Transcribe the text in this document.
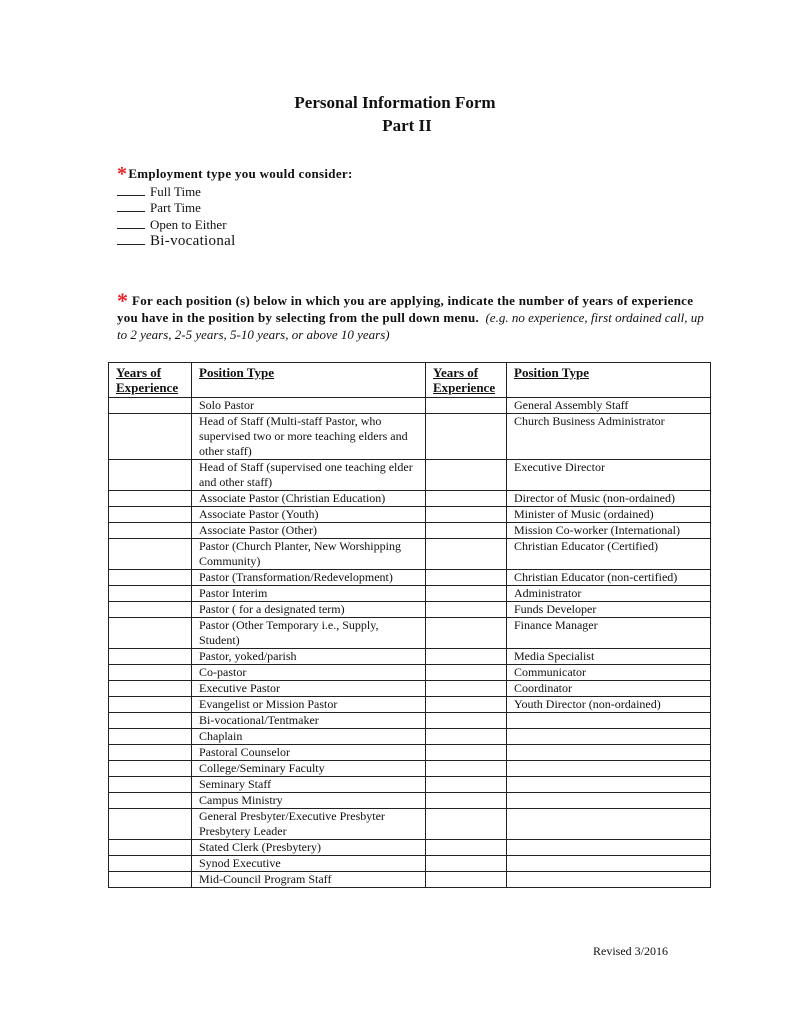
Personal Information Form
Part II
*Employment type you would consider:
Full Time
Part Time
Open to Either
Bi-vocational
* For each position (s) below in which you are applying, indicate the number of years of experience you have in the position by selecting from the pull down menu. (e.g. no experience, first ordained call, up to 2 years, 2-5 years, 5-10 years, or above 10 years)
Years of
Experience	Position Type	Years of
Experience	Position Type
	Solo Pastor		General Assembly Staff
	Head of Staff (Multi-staff Pastor, who supervised two or more teaching elders and other staff)		Church Business Administrator
	Head of Staff (supervised one teaching elder and other staff)		Executive Director
	Associate Pastor (Christian Education)		Director of Music (non-ordained)
	Associate Pastor (Youth)		Minister of Music (ordained)
	Associate Pastor (Other)		Mission Co-worker (International)
	Pastor (Church Planter, New Worshipping Community)		Christian Educator (Certified)
	Pastor (Transformation/Redevelopment)		Christian Educator (non-certified)
	Pastor Interim		Administrator
	Pastor ( for a designated term)		Funds Developer
	Pastor (Other Temporary i.e., Supply, Student)		Finance Manager
	Pastor, yoked/parish		Media Specialist
	Co-pastor		Communicator
	Executive Pastor		Coordinator
	Evangelist or Mission Pastor		Youth Director (non-ordained)
	Bi-vocational/Tentmaker		
	Chaplain		
	Pastoral Counselor		
	College/Seminary Faculty		
	Seminary Staff		
	Campus Ministry		
	General Presbyter/Executive Presbyter Presbytery Leader		
	Stated Clerk (Presbytery)		
	Synod Executive		
	Mid-Council Program Staff		
Revised 3/2016
